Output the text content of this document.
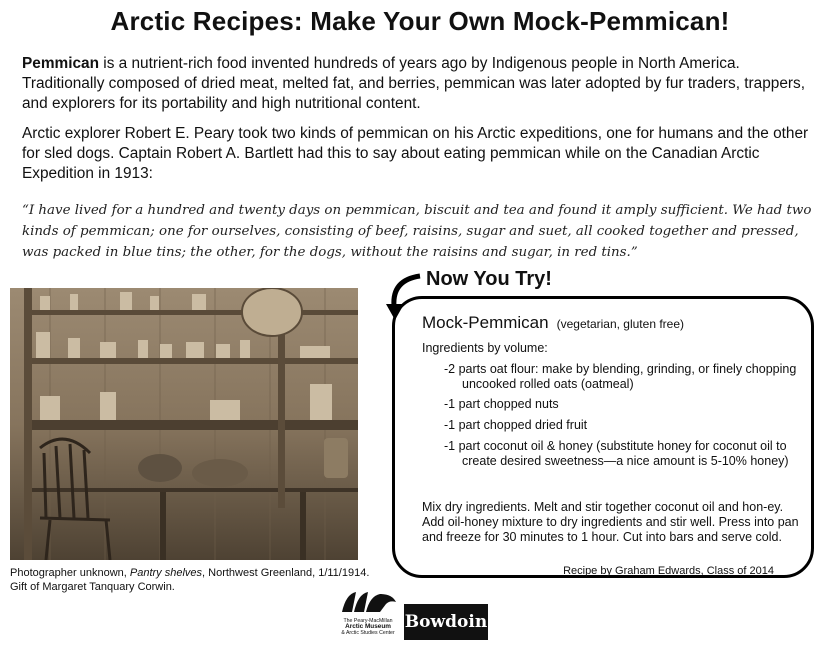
Arctic Recipes: Make Your Own Mock-Pemmican!
Pemmican is a nutrient-rich food invented hundreds of years ago by Indigenous people in North America. Traditionally composed of dried meat, melted fat, and berries, pemmican was later adopted by fur traders, trappers, and explorers for its portability and high nutritional content.
Arctic explorer Robert E. Peary took two kinds of pemmican on his Arctic expeditions, one for humans and the other for sled dogs. Captain Robert A. Bartlett had this to say about eating pemmican while on the Canadian Arctic Expedition in 1913:
“I have lived for a hundred and twenty days on pemmican, biscuit and tea and found it amply sufficient. We had two kinds of pemmican; one for ourselves, consisting of beef, raisins, sugar and suet, all cooked together and pressed, was packed in blue tins; the other, for the dogs, without the raisins and sugar, in red tins.”
Photographer unknown, Pantry shelves, Northwest Greenland, 1/11/1914. Gift of Margaret Tanquary Corwin.
Now You Try!
Mock-Pemmican (vegetarian, gluten free)
Ingredients by volume:
-2 parts oat flour: make by blending, grinding, or finely chopping uncooked rolled oats (oatmeal)
-1 part chopped nuts
-1 part chopped dried fruit
-1 part coconut oil & honey (substitute honey for coconut oil to create desired sweetness—a nice amount is 5-10% honey)
Mix dry ingredients. Melt and stir together coconut oil and hon-ey. Add oil-honey mixture to dry ingredients and stir well. Press into pan and freeze for 30 minutes to 1 hour. Cut into bars and serve cold.
Recipe by Graham Edwards, Class of 2014
The Peary-MacMillan
Arctic Museum
& Arctic Studies Center
Bowdoin
